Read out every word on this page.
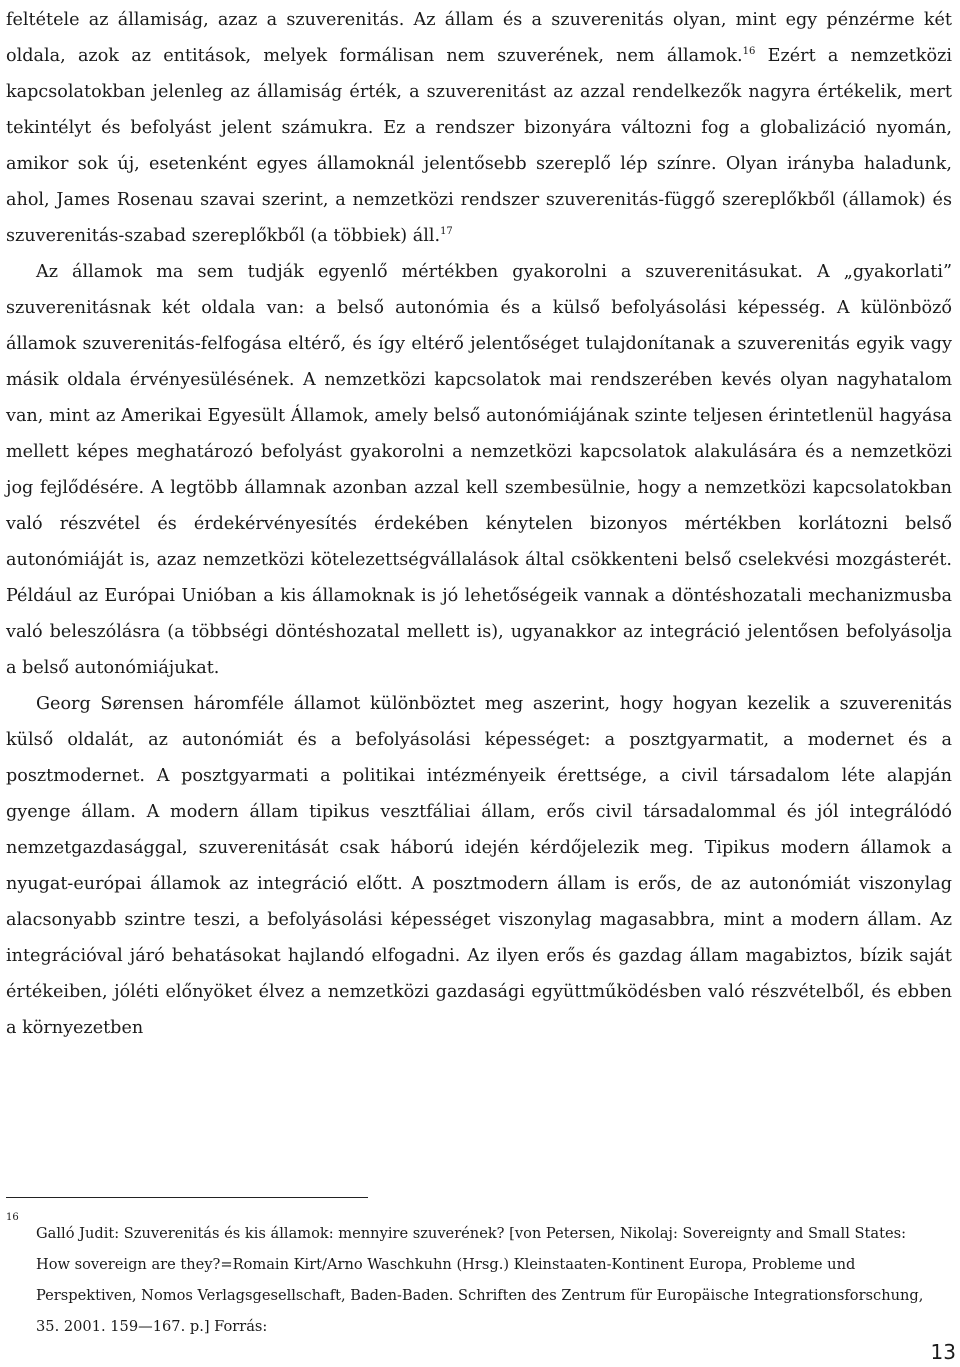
feltétele az államiság, azaz a szuverenitás. Az állam és a szuverenitás olyan, mint egy pénzérme két oldala, azok az entitások, melyek formálisan nem szuverének, nem államok.$^{16}$ Ezért a nemzetközi kapcsolatokban jelenleg az államiság érték, a szuverenitást az azzal rendelkezők nagyra értékelik, mert tekintélyt és befolyást jelent számukra. Ez a rendszer bizonyára változni fog a globalizáció nyomán, amikor sok új, esetenként egyes államoknál jelentősebb szereplő lép színre. Olyan irányba haladunk, ahol, James Rosenau szavai szerint, a nemzetközi rendszer szuverenitás-függő szereplőkből (államok) és szuverenitás-szabad szereplőkből (a többiek) áll.$^{17}$

Az államok ma sem tudják egyenlő mértékben gyakorolni a szuverenitásukat. A „gyakorlati” szuverenitásnak két oldala van: a belső autonómia és a külső befolyásolási képesség. A különböző államok szuverenitás-felfogása eltérő, és így eltérő jelentőséget tulajdonítanak a szuverenitás egyik vagy másik oldala érvényesülésének. A nemzetközi kapcsolatok mai rendszerében kevés olyan nagyhatalom van, mint az Amerikai Egyesült Államok, amely belső autonómiájának szinte teljesen érintetlenül hagyása mellett képes meghatározó befolyást gyakorolni a nemzetközi kapcsolatok alakulására és a nemzetközi jog fejlődésére. A legtöbb államnak azonban azzal kell szembesülnie, hogy a nemzetközi kapcsolatokban való részvétel és érdekérvényesítés érdekében kénytelen bizonyos mértékben korlátozni belső autonómiáját is, azaz nemzetközi kötelezettségvállalások által csökkenteni belső cselekvési mozgásterét. Például az Európai Unióban a kis államoknak is jó lehetőségeik vannak a döntéshozatali mechanizmusba való beleszólásra (a többségi döntéshozatal mellett is), ugyanakkor az integráció jelentősen befolyásolja a belső autonómiájukat.

Georg Sørensen háromféle államot különböztet meg aszerint, hogy hogyan kezelik a szuverenitás külső oldalát, az autonómiát és a befolyásolási képességet: a posztgyarmatit, a modernet és a posztmodernet. A posztgyarmati a politikai intézményeik érettsége, a civil társadalom léte alapján gyenge állam. A modern állam tipikus vesztfáliai állam, erős civil társadalommal és jól integrálódó nemzetgazdasággal, szuverenitását csak háború idején kérdőjelezik meg. Tipikus modern államok a nyugat-európai államok az integráció előtt. A posztmodern állam is erős, de az autonómiát viszonylag alacsonyabb szintre teszi, a befolyásolási képességet viszonylag magasabbra, mint a modern állam. Az integrációval járó behatásokat hajlandó elfogadni. Az ilyen erős és gazdag állam magabiztos, bízik saját értékeiben, jóléti előnyöket élvez a nemzetközi gazdasági együttműködésben való részvételből, és ebben a környezetben

16
Galló Judit: Szuverenitás és kis államok: mennyire szuverének? [von Petersen, Nikolaj: Sovereignty and Small States: How sovereign are they?=Romain Kirt/Arno Waschkuhn (Hrsg.) Kleinstaaten-Kontinent Europa, Probleme und Perspektiven, Nomos Verlagsgesellschaft, Baden-Baden. Schriften des Zentrum für Europäische Integrationsforschung, 35. 2001. 159—167. p.] Forrás:
13
